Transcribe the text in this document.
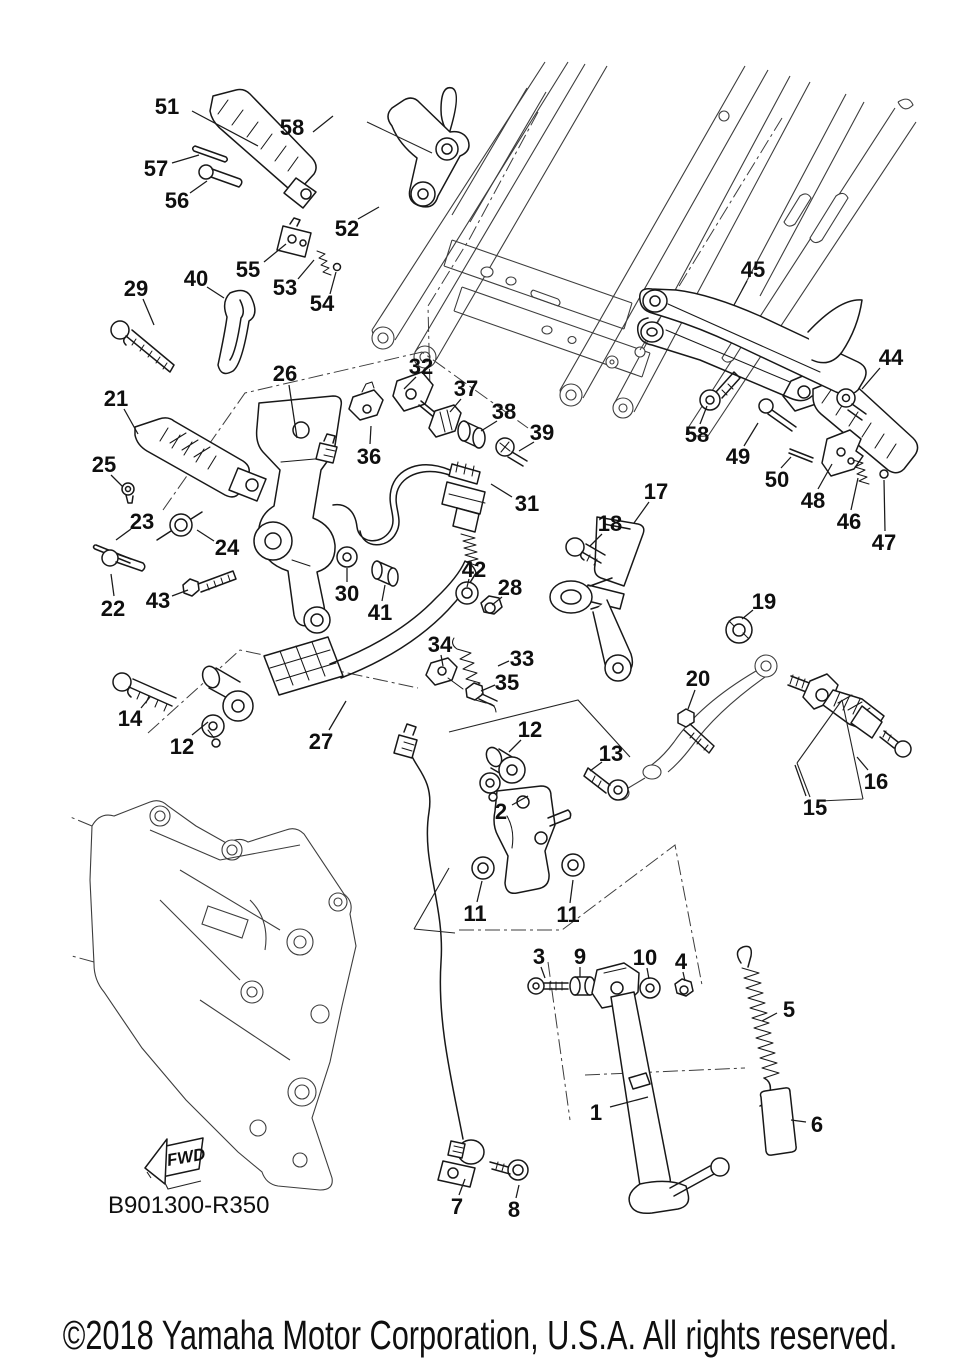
51
58
57
56
52
55
53
54
29 40
21
25
23
24
22 43
26
36
32
37
38
39
31
30
41
42
28
34
33
35
14
12	27
45
44
58
49
50
48
46
47
17
18
19
20
16
15
12
13
2
11	11
3 9 10 4
5
1	6
7 8
FWD
B901300-R350
©2018 Yamaha Motor Corporation, U.S.A. All rights reserved.
